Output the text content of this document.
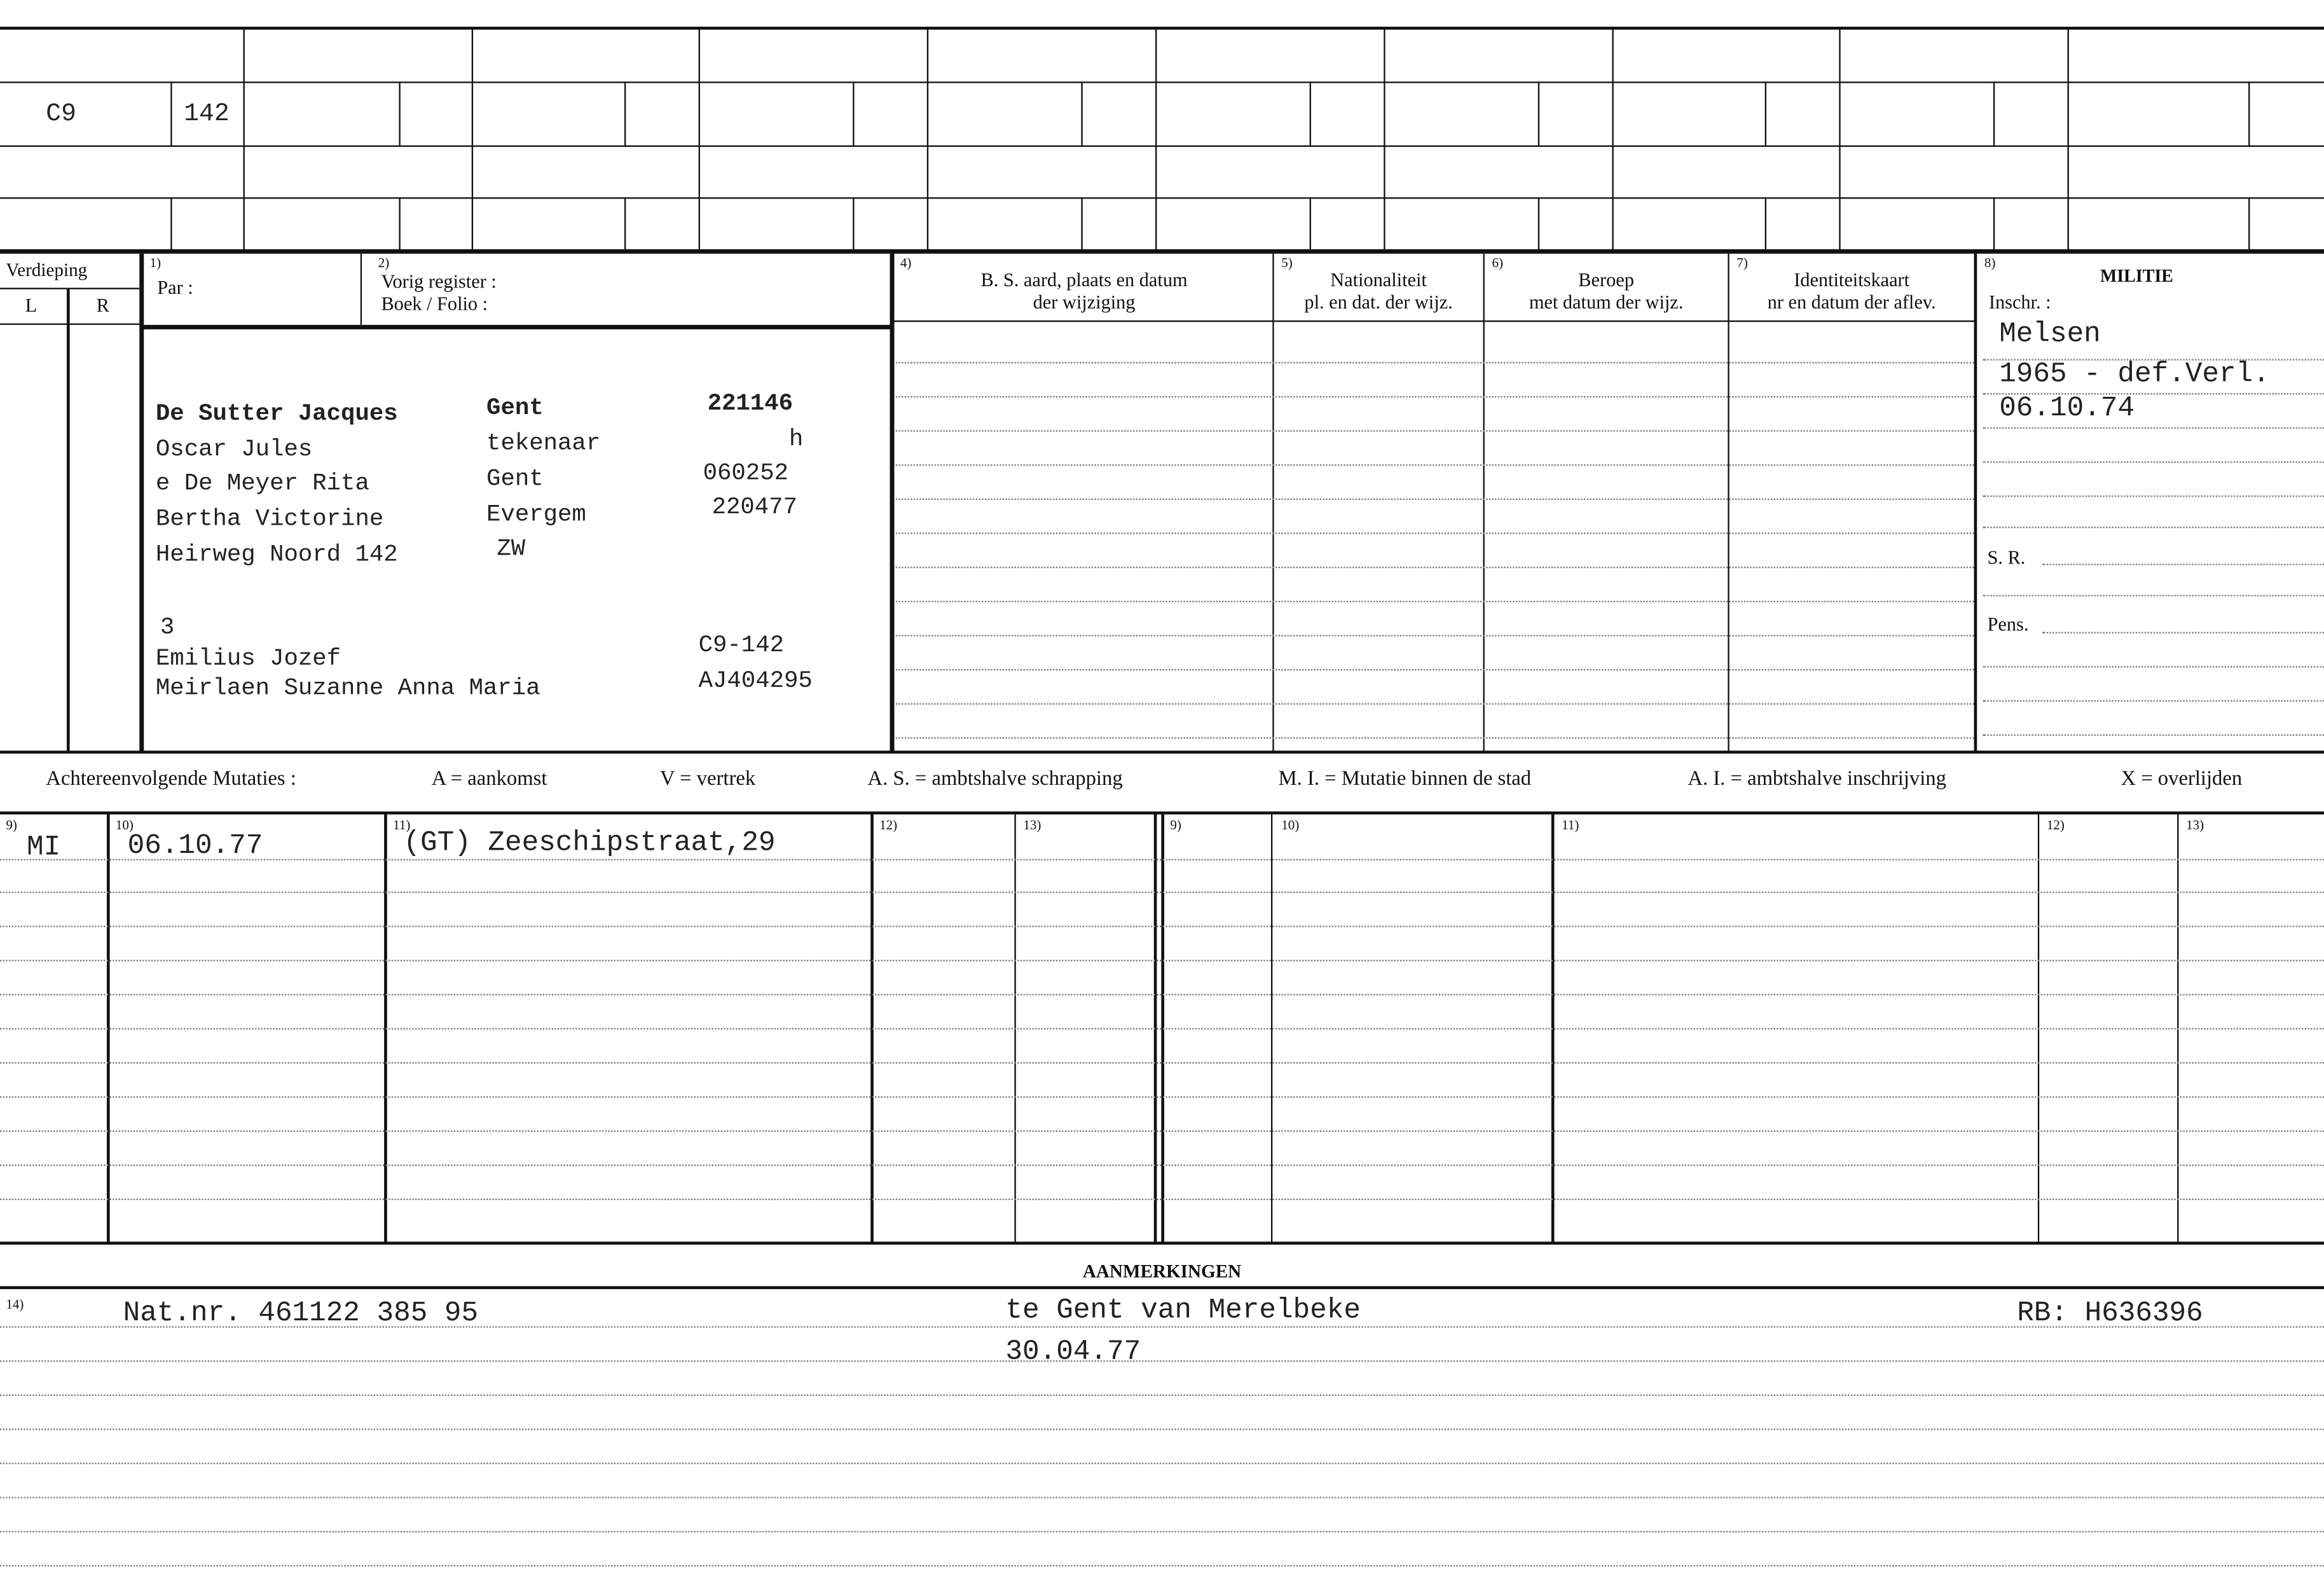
C9	142
Verdieping
L	R
1)
Par :
2)
Vorig register :
Boek / Folio :
4)
B. S. aard, plaats en datum
der wijziging
5)
Nationaliteit
pl. en dat. der wijz.
6)
Beroep
met datum der wijz.
7)
Identiteitskaart
nr en datum der aflev.
8)
MILITIE
Inschr. :
S. R.
Pens.
De Sutter Jacques	Gent	221146
Oscar Jules	tekenaar	h
e De Meyer Rita	Gent	060252
Bertha Victorine	Evergem	220477
Heirweg Noord 142	ZW
3
Emilius Jozef
Meirlaen Suzanne Anna Maria
C9-142
AJ404295
Melsen
1965 - def.Verl.
06.10.74
Achtereenvolgende Mutaties :	A = aankomst	V = vertrek	A. S. = ambtshalve schrapping	M. I. = Mutatie binnen de stad	A. I. = ambtshalve inschrijving	X = overlijden
9)	10)	11)	12)	13)	9)	10)	11)	12)	13)
MI	06.10.77	(GT) Zeeschipstraat,29
AANMERKINGEN
14)	Nat.nr. 461122 385 95	te Gent van Merelbeke
30.04.77
RB: H636396
